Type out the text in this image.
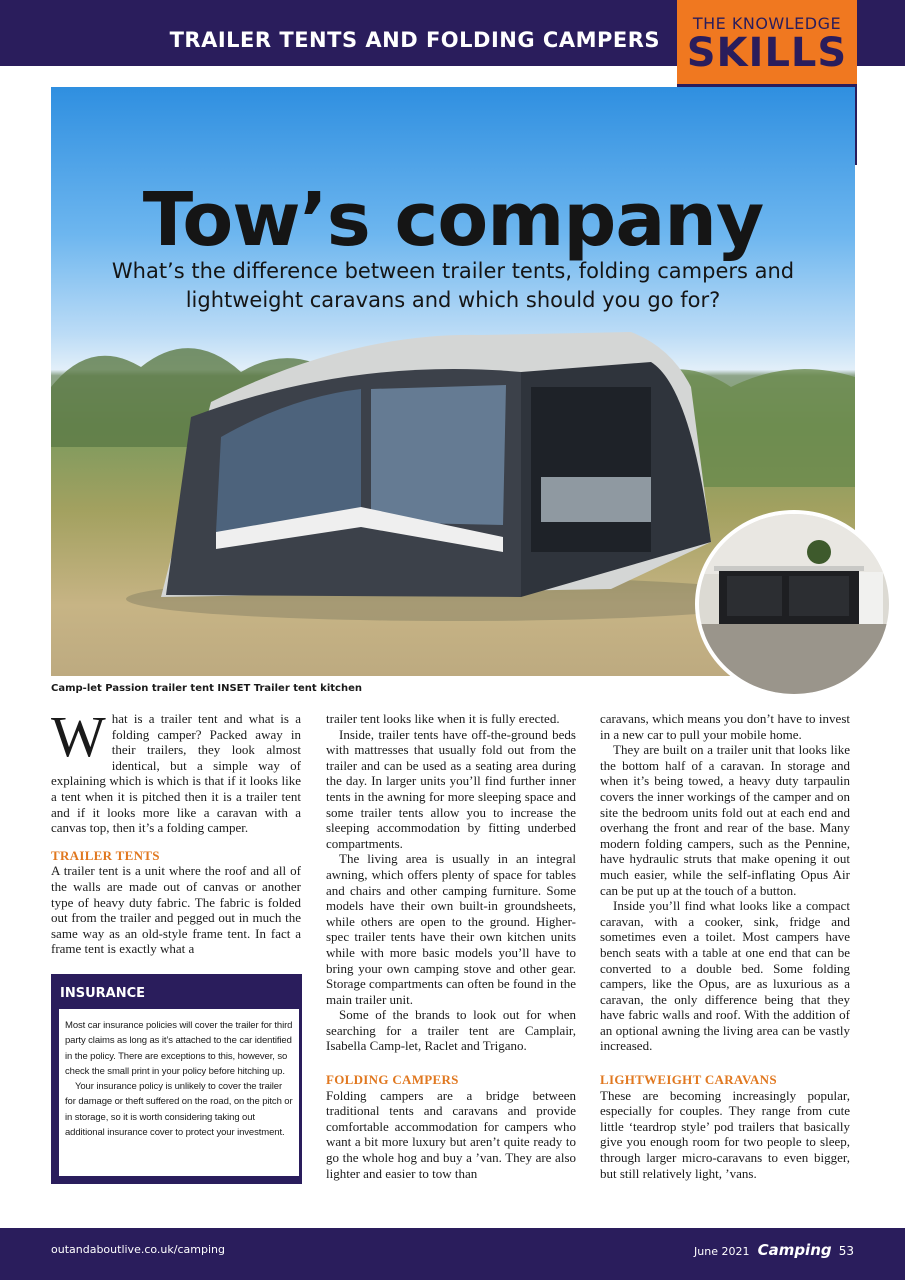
TRAILER TENTS AND FOLDING CAMPERS
THE KNOWLEDGE
SKILLS
Tow’s company
What’s the difference between trailer tents, folding campers and lightweight caravans and which should you go for?
Camp-let Passion trailer tent INSET Trailer tent kitchen

What is a trailer tent and what is a folding camper? Packed away in their trailers, they look almost identical, but a simple way of explaining which is which is that if it looks like a tent when it is pitched then it is a trailer tent and if it looks more like a caravan with a canvas top, then it’s a folding camper.

TRAILER TENTS

A trailer tent is a unit where the roof and all of the walls are made out of canvas or another type of heavy duty fabric. The fabric is folded out from the trailer and pegged out in much the same way as an old-style frame tent. In fact a frame tent is exactly what a

INSURANCE

Most car insurance policies will cover the trailer for third party claims as long as it’s attached to the car identified in the policy. There are exceptions to this, however, so check the small print in your policy before hitching up.

Your insurance policy is unlikely to cover the trailer for damage or theft suffered on the road, on the pitch or in storage, so it is worth considering taking out additional insurance cover to protect your investment.

trailer tent looks like when it is fully erected.

Inside, trailer tents have off-the-ground beds with mattresses that usually fold out from the trailer and can be used as a seating area during the day. In larger units you’ll find further inner tents in the awning for more sleeping space and some trailer tents allow you to increase the sleeping accommodation by fitting underbed compartments.

The living area is usually in an integral awning, which offers plenty of space for tables and chairs and other camping furniture. Some models have their own built-in groundsheets, while others are open to the ground. Higher-spec trailer tents have their own kitchen units while with more basic models you’ll have to bring your own camping stove and other gear. Storage compartments can often be found in the main trailer unit.

Some of the brands to look out for when searching for a trailer tent are Camplair, Isabella Camp-let, Raclet and Trigano.

FOLDING CAMPERS

Folding campers are a bridge between traditional tents and caravans and provide comfortable accommodation for campers who want a bit more luxury but aren’t quite ready to go the whole hog and buy a ’van. They are also lighter and easier to tow than

caravans, which means you don’t have to invest in a new car to pull your mobile home.

They are built on a trailer unit that looks like the bottom half of a caravan. In storage and when it’s being towed, a heavy duty tarpaulin covers the inner workings of the camper and on site the bedroom units fold out at each end and overhang the front and rear of the base. Many modern folding campers, such as the Pennine, have hydraulic struts that make opening it out much easier, while the self-inflating Opus Air can be put up at the touch of a button.

Inside you’ll find what looks like a compact caravan, with a cooker, sink, fridge and sometimes even a toilet. Most campers have bench seats with a table at one end that can be converted to a double bed. Some folding campers, like the Opus, are as luxurious as a caravan, the only difference being that they have fabric walls and roof. With the addition of an optional awning the living area can be vastly increased.

LIGHTWEIGHT CARAVANS

These are becoming increasingly popular, especially for couples. They range from cute little ‘teardrop style’ pod trailers that basically give you enough room for two people to sleep, through larger micro-caravans to even bigger, but still relatively light, ’vans.

outandaboutlive.co.uk/camping	June 2021 Camping 53
